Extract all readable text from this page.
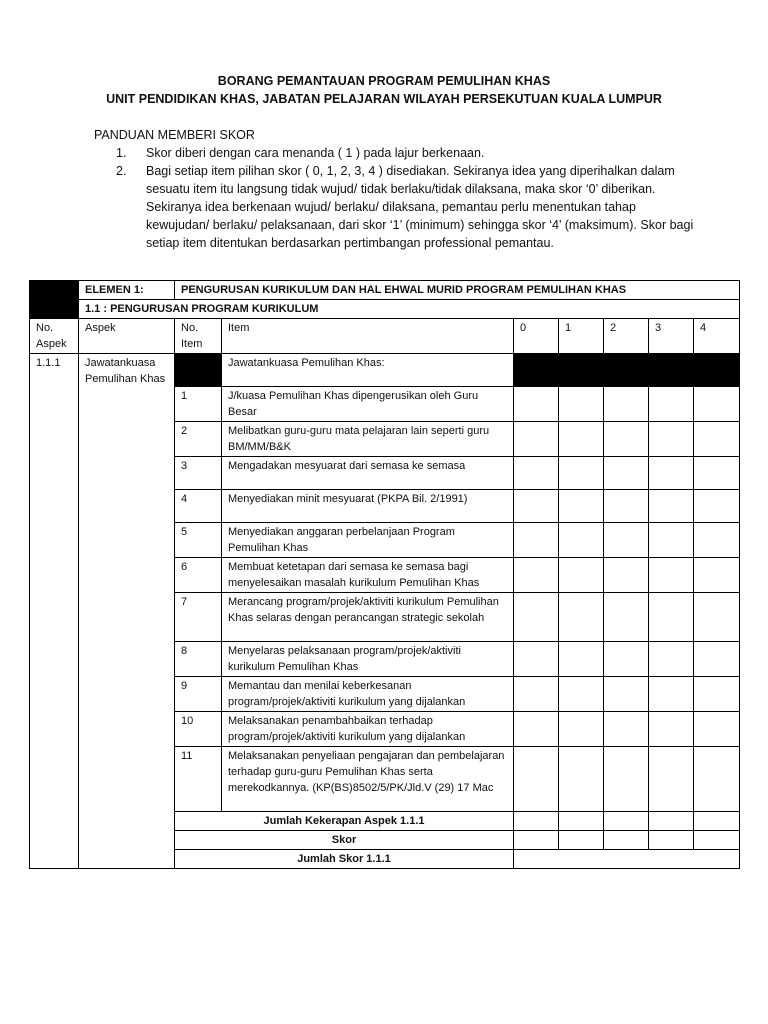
BORANG PEMANTAUAN PROGRAM PEMULIHAN KHAS

UNIT PENDIDIKAN KHAS, JABATAN PELAJARAN WILAYAH PERSEKUTUAN KUALA LUMPUR

PANDUAN MEMBERI SKOR

1.	Skor diberi dengan cara menanda ( 1 ) pada lajur berkenaan.
2.	Bagi setiap item pilihan skor ( 0, 1, 2, 3, 4 ) disediakan. Sekiranya idea yang diperihalkan dalam sesuatu item itu langsung tidak wujud/ tidak berlaku/tidak dilaksana, maka skor ‘0’ diberikan. Sekiranya idea berkenaan wujud/ berlaku/ dilaksana, pemantau perlu menentukan tahap kewujudan/ berlaku/ pelaksanaan, dari skor ‘1’ (minimum) sehingga skor ‘4’ (maksimum). Skor bagi setiap item ditentukan berdasarkan pertimbangan professional pemantau.
	ELEMEN 1:	PENGURUSAN KURIKULUM DAN HAL EHWAL MURID PROGRAM PEMULIHAN KHAS						
	1.1 : PENGURUSAN PROGRAM KURIKULUM							
No. Aspek	Aspek	No. Item	Item	0	1	2	3	4
1.1.1	Jawatankuasa Pemulihan Khas		Jawatankuasa Pemulihan Khas:					
		1	J/kuasa Pemulihan Khas dipengerusikan oleh Guru Besar					
		2	Melibatkan guru-guru mata pelajaran lain seperti guru BM/MM/B&K					
		3	Mengadakan mesyuarat dari semasa ke semasa					
		4	Menyediakan minit mesyuarat (PKPA Bil. 2/1991)					
		5	Menyediakan anggaran perbelanjaan Program Pemulihan Khas					
		6	Membuat ketetapan dari semasa ke semasa bagi menyelesaikan masalah kurikulum Pemulihan Khas					
		7	Merancang program/projek/aktiviti kurikulum Pemulihan Khas selaras dengan perancangan strategic sekolah					
		8	Menyelaras pelaksanaan program/projek/aktiviti kurikulum Pemulihan Khas					
		9	Memantau dan menilai keberkesanan program/projek/aktiviti kurikulum yang dijalankan					
		10	Melaksanakan penambahbaikan terhadap program/projek/aktiviti kurikulum yang dijalankan					
		11	Melaksanakan penyeliaan pengajaran dan pembelajaran terhadap guru-guru Pemulihan Khas serta merekodkannya. (KP(BS)8502/5/PK/Jld.V (29) 17 Mac					
		Jumlah Kekerapan Aspek 1.1.1						
		Skor						
		Jumlah Skor 1.1.1						
